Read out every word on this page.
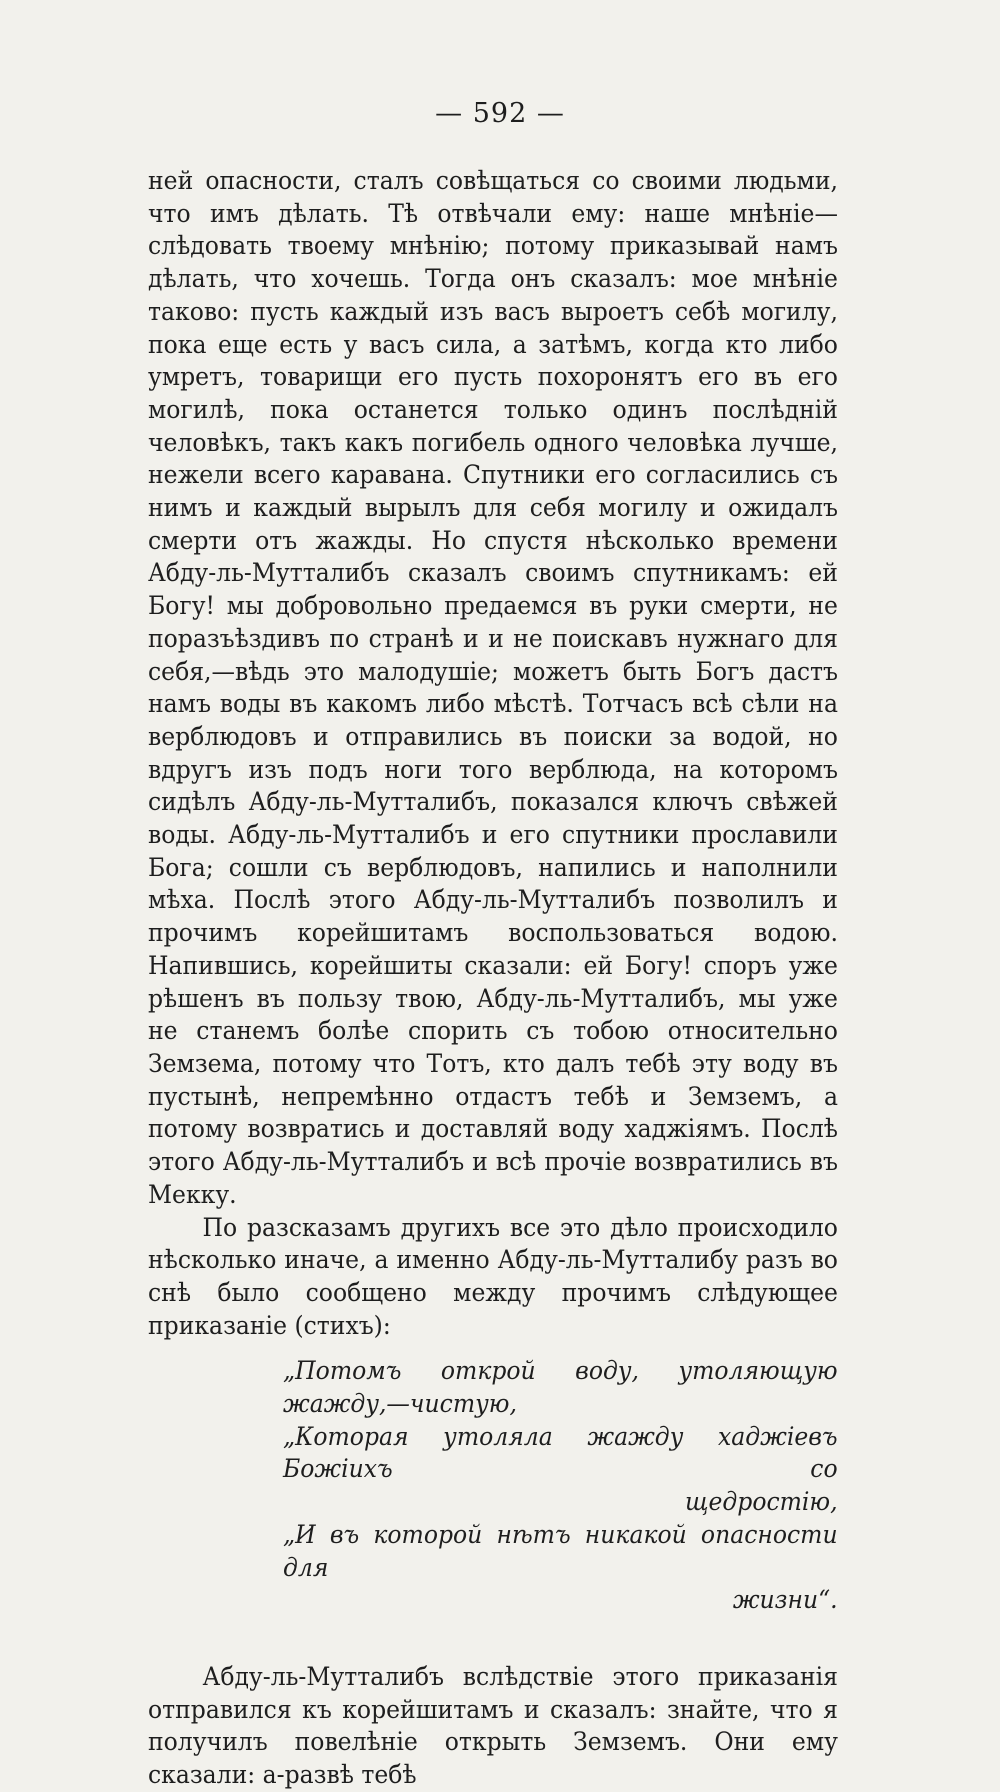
— 592 —

ней опасности, сталъ совѣщаться со своими людьми, что имъ дѣлать. Тѣ отвѣчали ему: наше мнѣніе—слѣдовать твоему мнѣнію; потому приказывай намъ дѣлать, что хочешь. Тогда онъ сказалъ: мое мнѣніе таково: пусть каждый изъ васъ выроетъ себѣ могилу, пока еще есть у васъ сила, а затѣмъ, когда кто либо умретъ, товарищи его пусть похоронятъ его въ его могилѣ, пока останется только одинъ послѣдній человѣкъ, такъ какъ погибель одного человѣка лучше, нежели всего каравана. Спутники его согласились съ нимъ и каждый вырылъ для себя могилу и ожидалъ смерти отъ жажды. Но спустя нѣсколько времени Абду-ль-Мутталибъ сказалъ своимъ спутникамъ: ей Богу! мы добровольно предаемся въ руки смерти, не поразъѣздивъ по странѣ и и не поискавъ нужнаго для себя,—вѣдь это малодушіе; можетъ быть Богъ дастъ намъ воды въ какомъ либо мѣстѣ. Тотчасъ всѣ сѣли на верблюдовъ и отправились въ поиски за водой, но вдругъ изъ подъ ноги того верблюда, на которомъ сидѣлъ Абду-ль-Мутталибъ, показался ключъ свѣжей воды. Абду-ль-Мутталибъ и его спутники прославили Бога; сошли съ верблюдовъ, напились и наполнили мѣха. Послѣ этого Абду-ль-Мутталибъ позволилъ и прочимъ корейшитамъ воспользоваться водою. Напившись, корейшиты сказали: ей Богу! споръ уже рѣшенъ въ пользу твою, Абду-ль-Мутталибъ, мы уже не станемъ болѣе спорить съ тобою относительно Земзема, потому что Тотъ, кто далъ тебѣ эту воду въ пустынѣ, непремѣнно отдастъ тебѣ и Земземъ, а потому возвратись и доставляй воду хаджіямъ. Послѣ этого Абду-ль-Мутталибъ и всѣ прочіе возвратились въ Мекку.

По разсказамъ другихъ все это дѣло происходило нѣсколько иначе, а именно Абду-ль-Мутталибу разъ во снѣ было сообщено между прочимъ слѣдующее приказаніе (стихъ):

„Потомъ открой воду, утоляющую жажду,—чистую,
„Которая утоляла жажду хаджіевъ Божіихъ со
щедростію,
„И въ которой нѣтъ никакой опасности для
жизни“.

Абду-ль-Мутталибъ вслѣдствіе этого приказанія отправился къ корейшитамъ и сказалъ: знайте, что я получилъ повелѣніе открыть Земземъ. Они ему сказали: а-развѣ тебѣ
